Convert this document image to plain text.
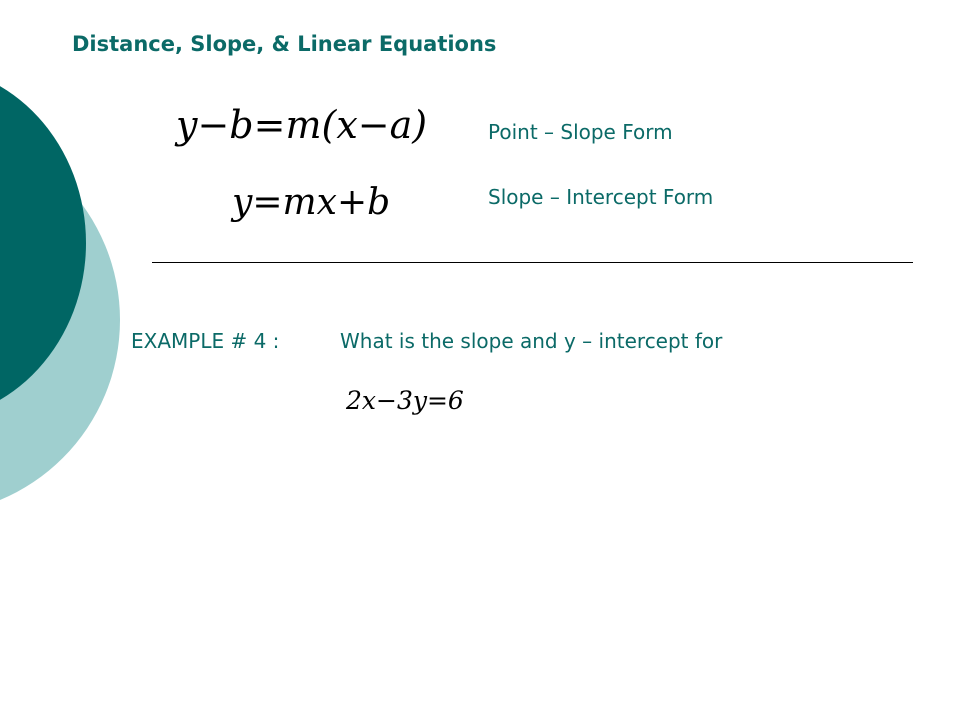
Distance, Slope, & Linear Equations
y−b=m(x−a)	Point – Slope Form
y=mx+b	Slope – Intercept Form
EXAMPLE # 4 :	What is the slope and y – intercept for
2x−3y=6
